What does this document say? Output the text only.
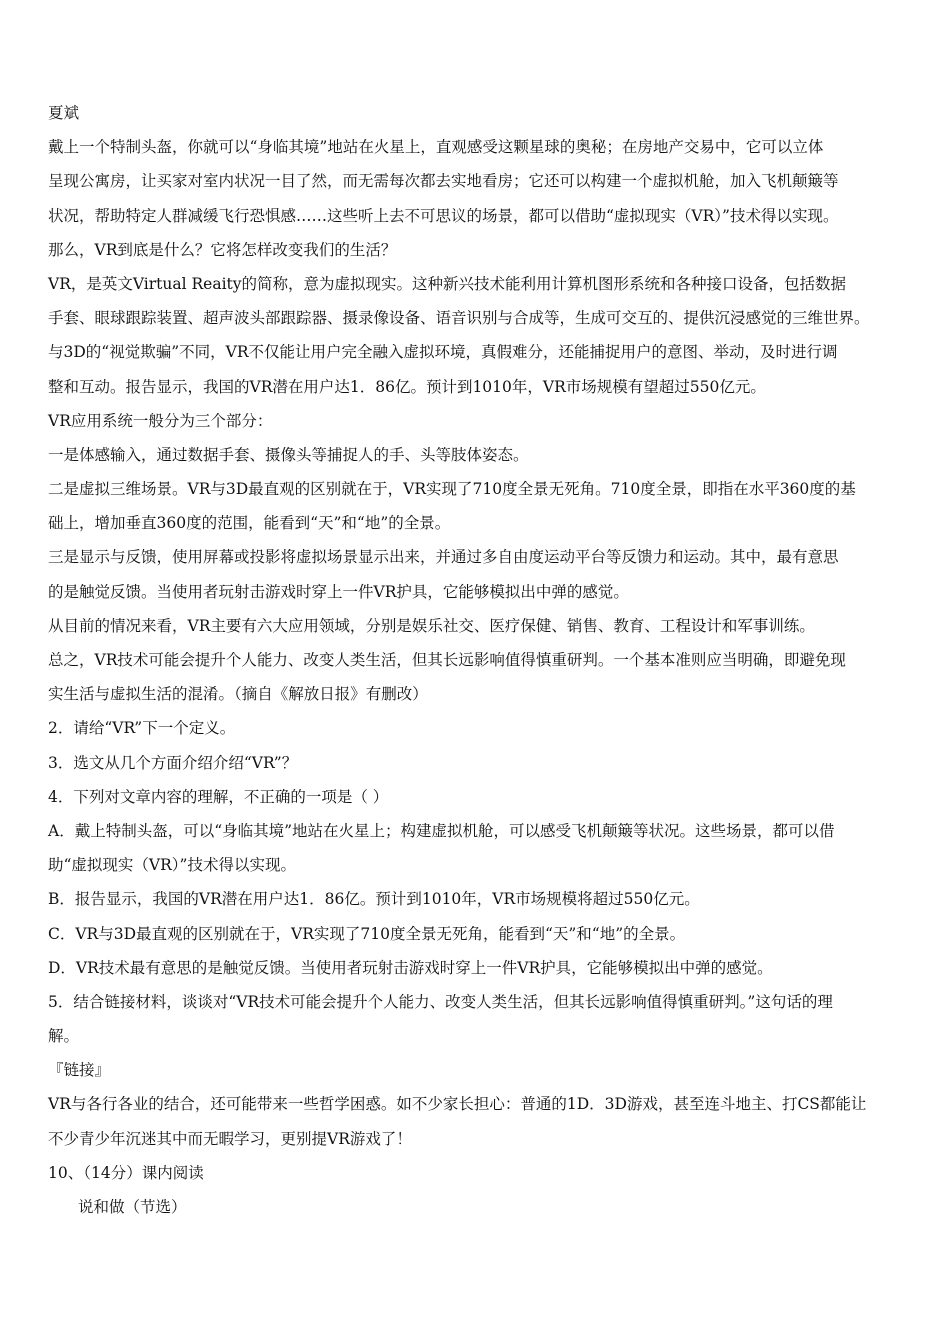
夏斌
戴上一个特制头盔，你就可以“身临其境”地站在火星上，直观感受这颗星球的奥秘；在房地产交易中，它可以立体
呈现公寓房，让买家对室内状况一目了然，而无需每次都去实地看房；它还可以构建一个虚拟机舱，加入飞机颠簸等
状况，帮助特定人群减缓飞行恐惧感……这些听上去不可思议的场景，都可以借助“虚拟现实（VR）”技术得以实现。
那么，VR到底是什么？它将怎样改变我们的生活？
VR，是英文Virtual Reaity的简称，意为虚拟现实。这种新兴技术能利用计算机图形系统和各种接口设备，包括数据
手套、眼球跟踪装置、超声波头部跟踪器、摄录像设备、语音识别与合成等，生成可交互的、提供沉浸感觉的三维世界。
与3D的“视觉欺骗”不同，VR不仅能让用户完全融入虚拟环境，真假难分，还能捕捉用户的意图、举动，及时进行调
整和互动。报告显示，我国的VR潜在用户达1．86亿。预计到1010年，VR市场规模有望超过550亿元。
VR应用系统一般分为三个部分：
一是体感输入，通过数据手套、摄像头等捕捉人的手、头等肢体姿态。
二是虚拟三维场景。VR与3D最直观的区别就在于，VR实现了710度全景无死角。710度全景，即指在水平360度的基
础上，增加垂直360度的范围，能看到“天”和“地”的全景。
三是显示与反馈，使用屏幕或投影将虚拟场景显示出来，并通过多自由度运动平台等反馈力和运动。其中，最有意思
的是触觉反馈。当使用者玩射击游戏时穿上一件VR护具，它能够模拟出中弹的感觉。
从目前的情况来看，VR主要有六大应用领域，分别是娱乐社交、医疗保健、销售、教育、工程设计和军事训练。
总之，VR技术可能会提升个人能力、改变人类生活，但其长远影响值得慎重研判。一个基本准则应当明确，即避免现
实生活与虚拟生活的混淆。（摘自《解放日报》有删改）
2．请给“VR”下一个定义。
3．选文从几个方面介绍介绍“VR”？
4．下列对文章内容的理解，不正确的一项是（ ）
A．戴上特制头盔，可以“身临其境”地站在火星上；构建虚拟机舱，可以感受飞机颠簸等状况。这些场景，都可以借
助“虚拟现实（VR）”技术得以实现。
B．报告显示，我国的VR潜在用户达1．86亿。预计到1010年，VR市场规模将超过550亿元。
C．VR与3D最直观的区别就在于，VR实现了710度全景无死角，能看到“天”和“地”的全景。
D．VR技术最有意思的是触觉反馈。当使用者玩射击游戏时穿上一件VR护具，它能够模拟出中弹的感觉。
5．结合链接材料，谈谈对“VR技术可能会提升个人能力、改变人类生活，但其长远影响值得慎重研判。”这句话的理
解。
『链接』
VR与各行各业的结合，还可能带来一些哲学困惑。如不少家长担心：普通的1D．3D游戏，甚至连斗地主、打CS都能让
不少青少年沉迷其中而无暇学习，更别提VR游戏了！
10、（14分）课内阅读
说和做（节选）
